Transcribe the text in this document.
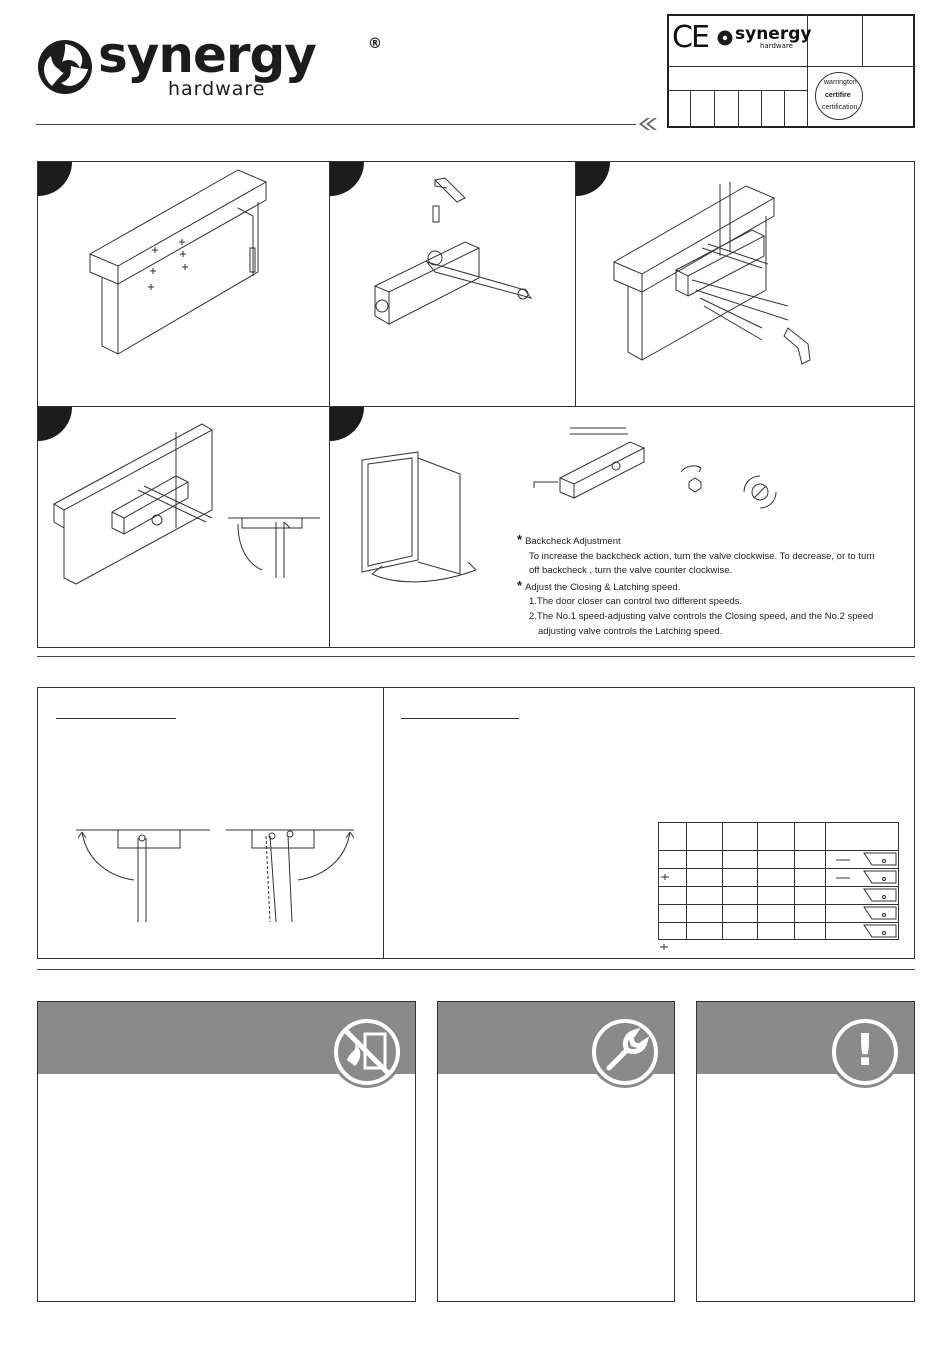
synergy	®
hardware
CE synergy
hardware
warrington
certifire
certification
* Backcheck Adjustment
To increase the backcheck action, turn the valve clockwise. To decrease, or to turn
off backcheck , turn the valve counter clockwise.
* Adjust the Closing & Latching speed.
1.The door closer can control two different speeds.
2.The No.1 speed-adjusting valve controls the Closing speed, and the No.2 speed
adjusting valve controls the Latching speed.
!
